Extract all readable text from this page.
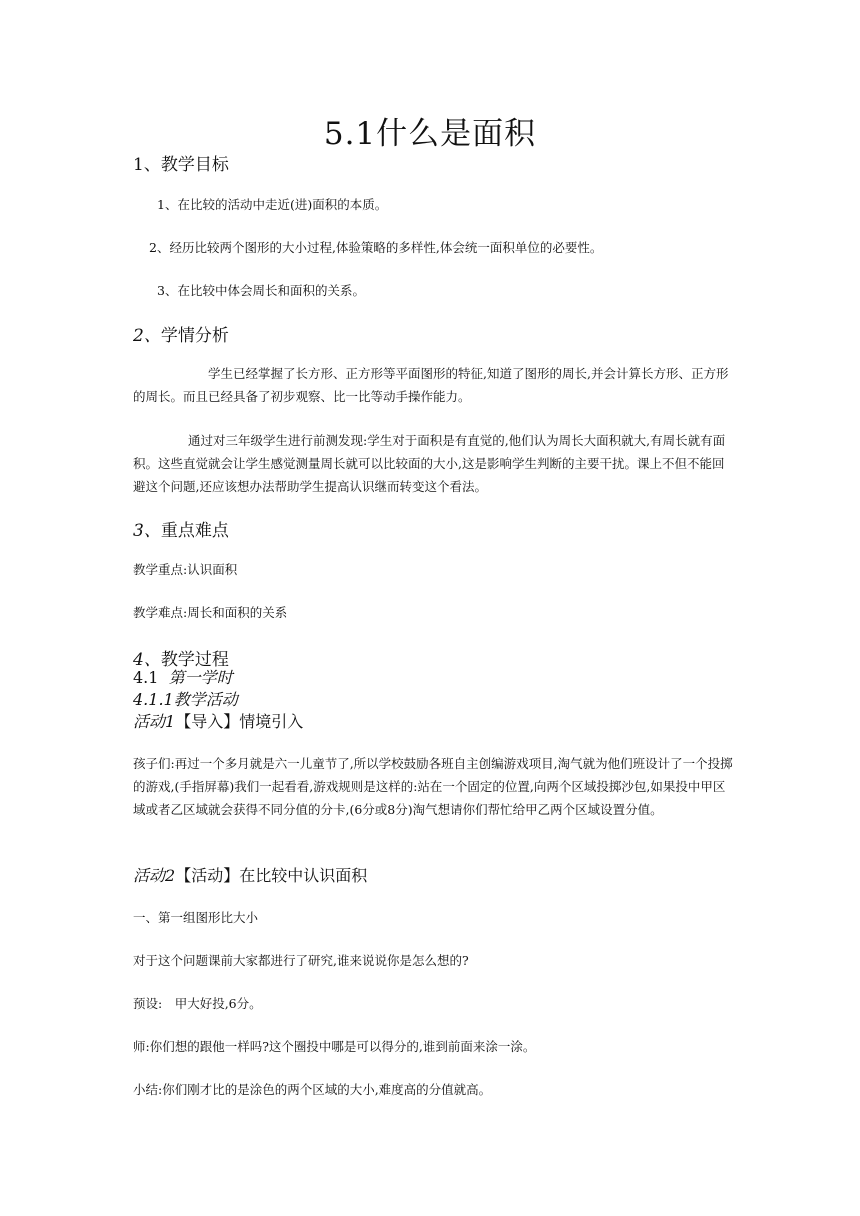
5.1什么是面积
1、教学目标

1、在比较的活动中走近(进)面积的本质。

2、经历比较两个图形的大小过程,体验策略的多样性,体会统一面积单位的必要性。

3、在比较中体会周长和面积的关系。

2、学情分析

学生已经掌握了长方形、正方形等平面图形的特征,知道了图形的周长,并会计算长方形、正方形的周长。而且已经具备了初步观察、比一比等动手操作能力。

通过对三年级学生进行前测发现:学生对于面积是有直觉的,他们认为周长大面积就大,有周长就有面积。这些直觉就会让学生感觉测量周长就可以比较面的大小,这是影响学生判断的主要干扰。课上不但不能回避这个问题,还应该想办法帮助学生提高认识继而转变这个看法。

3、重点难点

教学重点:认识面积

教学难点:周长和面积的关系

4、教学过程
4.1 第一学时
4.1.1教学活动
活动1【导入】情境引入

孩子们:再过一个多月就是六一儿童节了,所以学校鼓励各班自主创编游戏项目,淘气就为他们班设计了一个投掷的游戏,(手指屏幕)我们一起看看,游戏规则是这样的:站在一个固定的位置,向两个区域投掷沙包,如果投中甲区域或者乙区域就会获得不同分值的分卡,(6分或8分)淘气想请你们帮忙给甲乙两个区域设置分值。

活动2【活动】在比较中认识面积

一、第一组图形比大小

对于这个问题课前大家都进行了研究,谁来说说你是怎么想的?

预设:　甲大好投,6分。

师:你们想的跟他一样吗?这个圈投中哪是可以得分的,谁到前面来涂一涂。

小结:你们刚才比的是涂色的两个区域的大小,难度高的分值就高。
